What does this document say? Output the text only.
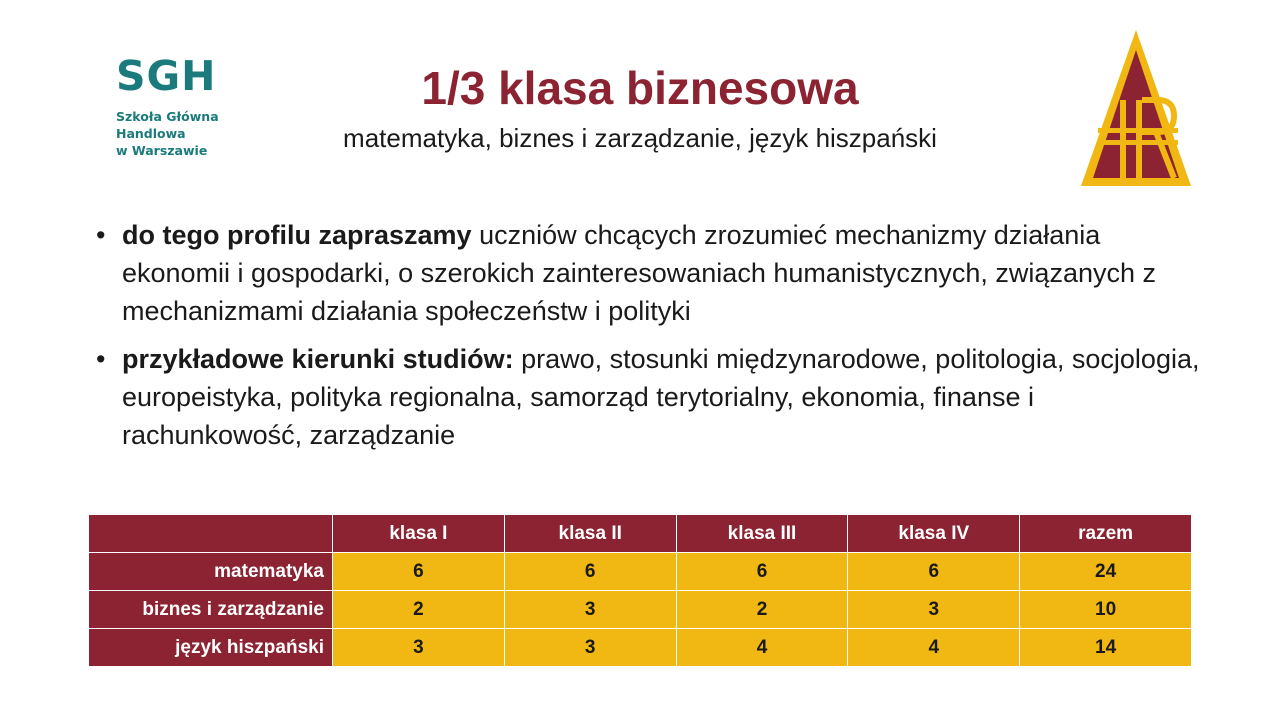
SGH
Szkoła Główna
Handlowa
w Warszawie
1/3 klasa biznesowa
matematyka, biznes i zarządzanie, język hiszpański
• do tego profilu zapraszamy uczniów chcących zrozumieć mechanizmy działania ekonomii i gospodarki, o szerokich zainteresowaniach humanistycznych, związanych z mechanizmami działania społeczeństw i polityki
• przykładowe kierunki studiów: prawo, stosunki międzynarodowe, politologia, socjologia, europeistyka, polityka regionalna, samorząd terytorialny, ekonomia, finanse i rachunkowość, zarządzanie
	klasa I	klasa II	klasa III	klasa IV	razem
matematyka	6	6	6	6	24
biznes i zarządzanie	2	3	2	3	10
język hiszpański	3	3	4	4	14
